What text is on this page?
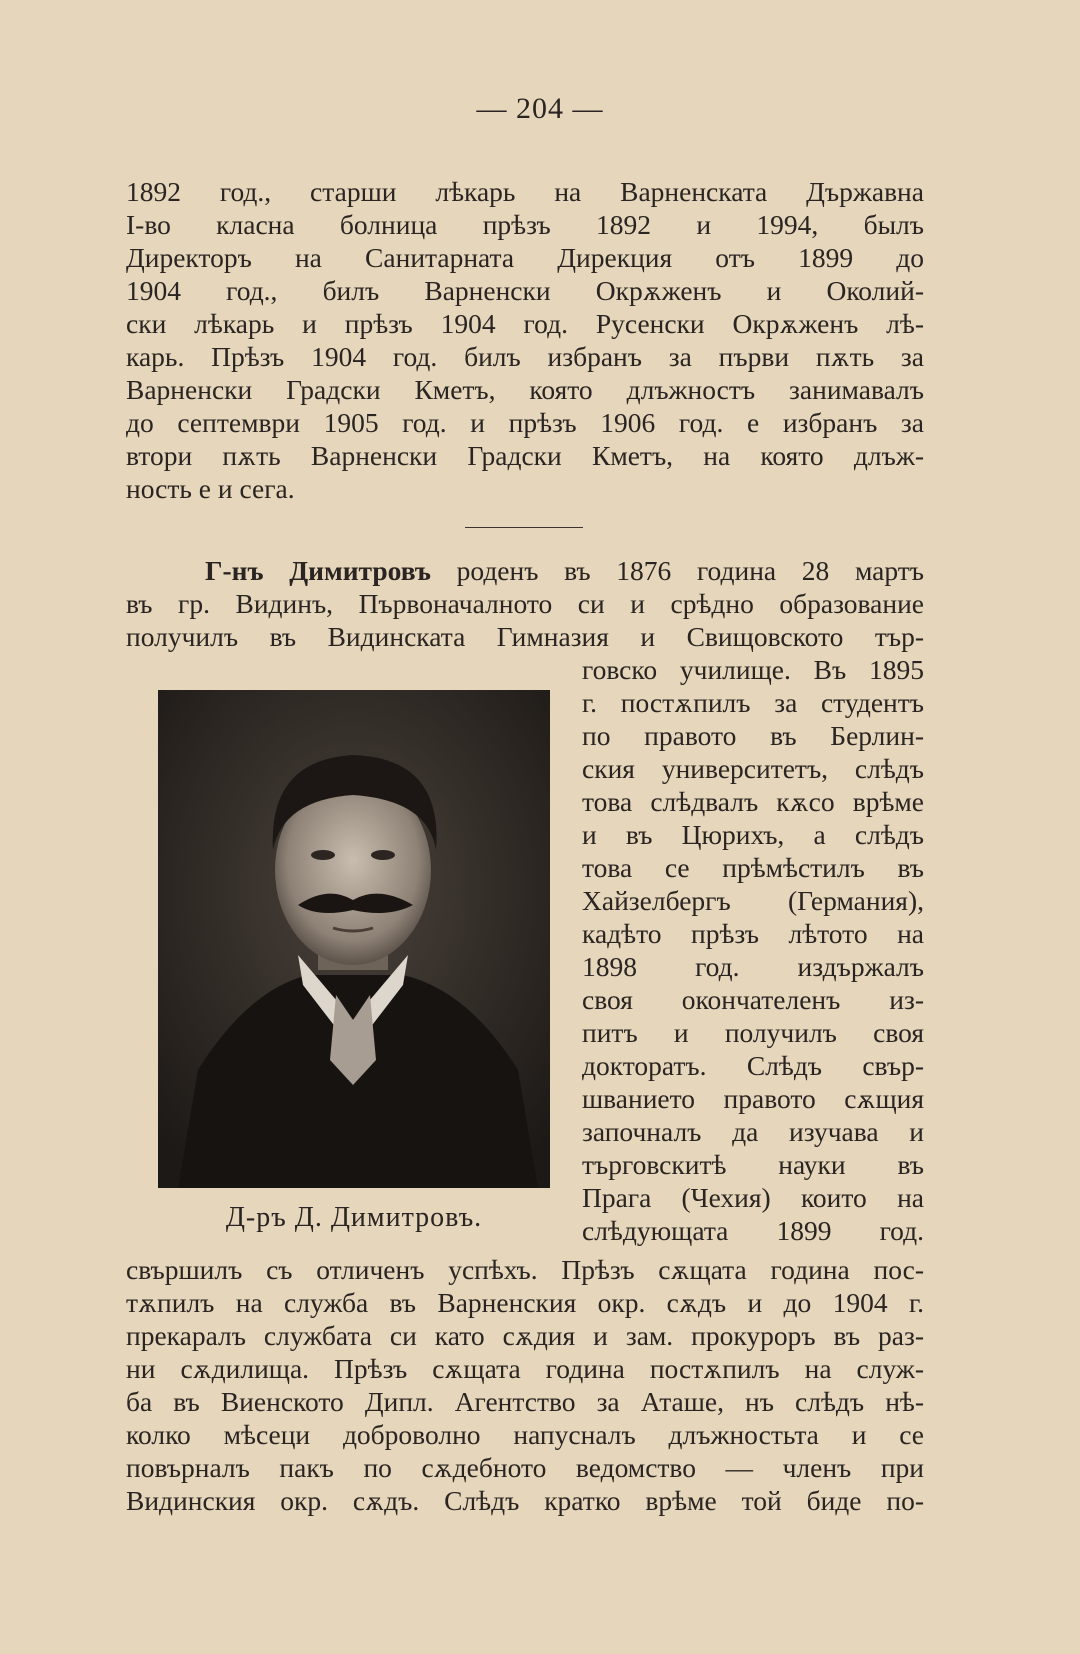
— 204 —
1892 год., старши лѣкарь на Варненската Държавна
I-во класна болница прѣзъ 1892 и 1994, былъ
Директоръ на Санитарната Дирекция отъ 1899 до
1904 год., билъ Варненски Окрѫженъ и Околий-
ски лѣкарь и прѣзъ 1904 год. Русенски Окрѫженъ лѣ-
карь. Прѣзъ 1904 год. билъ избранъ за първи пѫть за
Варненски Градски Кметъ, която длъжностъ занимавалъ
до септември 1905 год. и прѣзъ 1906 год. е избранъ за
втори пѫть Варненски Градски Кметъ, на която длъж-
ность е и сега.
Г-нъ Димитровъ роденъ въ 1876 година 28 мартъ
въ гр. Видинъ, Първоначалното си и срѣдно образование
получилъ въ Видинската Гимназия и Свищовското тър-
говско училище. Въ 1895
г. постѫпилъ за студентъ
по правото въ Берлин-
ския университетъ, слѣдъ
това слѣдвалъ кѫсо врѣме
и въ Цюрихъ, а слѣдъ
това се прѣмѣстилъ въ
Хайзелбергъ (Германия),
кадѣто прѣзъ лѣтото на
1898 год. издържалъ
своя окончателенъ из-
питъ и получилъ своя
докторатъ. Слѣдъ свър-
шванието правото сѫщия
започналъ да изучава и
търговскитѣ науки въ
Прага (Чехия) които на
слѣдующата 1899 год.
Д-ръ Д. Димитровъ.
свършилъ съ отличенъ успѣхъ. Прѣзъ сѫщата година пос-
тѫпилъ на служба въ Варненския окр. сѫдъ и до 1904 г.
прекаралъ службата си като сѫдия и зам. прокуроръ въ раз-
ни сѫдилища. Прѣзъ сѫщата година постѫпилъ на служ-
ба въ Виенското Дипл. Агентство за Аташе, нъ слѣдъ нѣ-
колко мѣсеци доброволно напусналъ длъжностьта и се
повърналъ пакъ по сѫдебното ведомство — членъ при
Видинския окр. сѫдъ. Слѣдъ кратко врѣме той биде по-
